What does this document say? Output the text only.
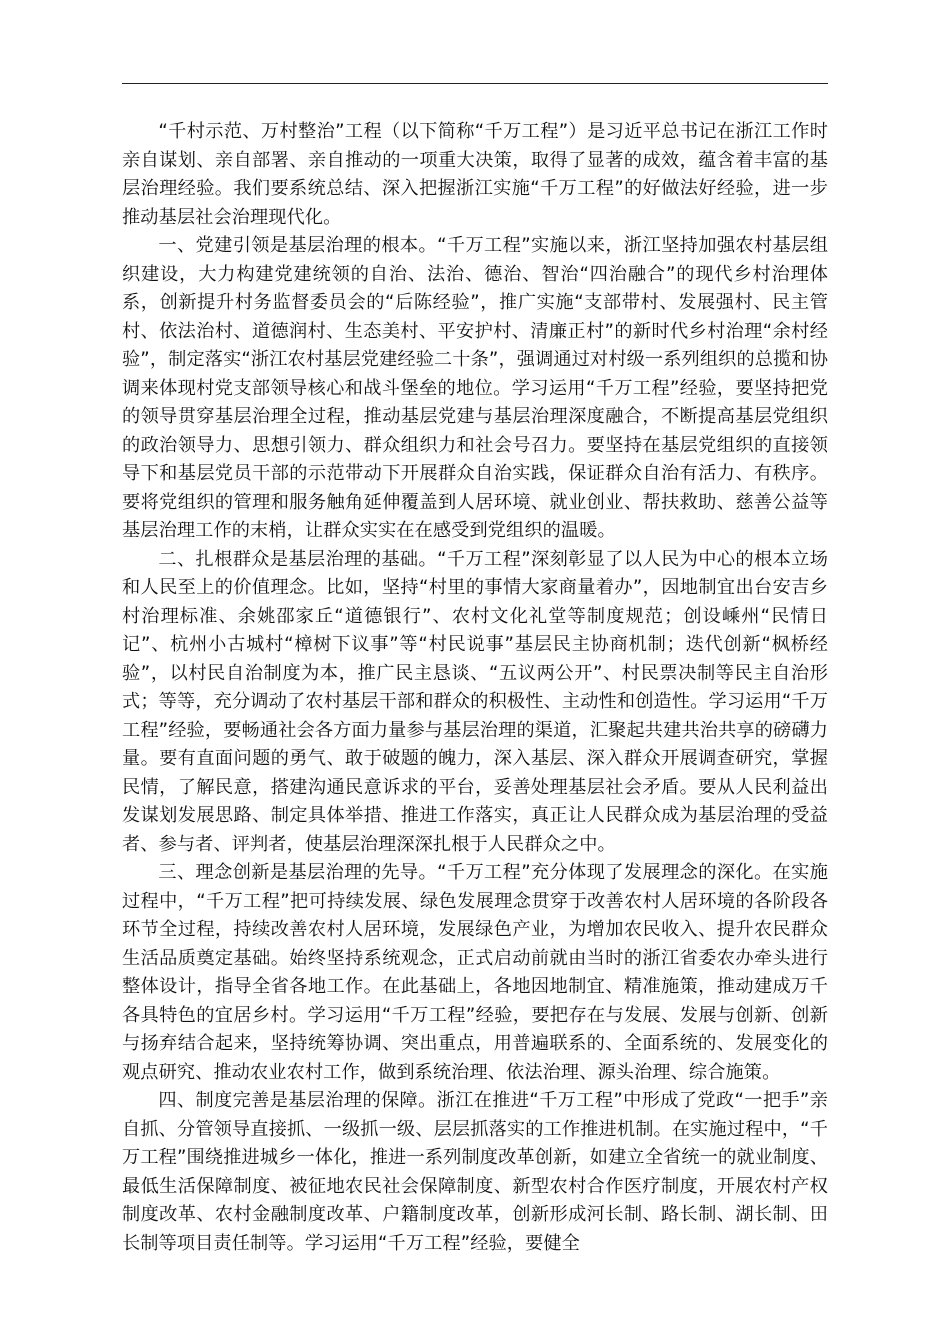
“千村示范、万村整治”工程（以下简称“千万工程”）是习近平总书记在浙江工作时亲自谋划、亲自部署、亲自推动的一项重大决策，取得了显著的成效，蕴含着丰富的基层治理经验。我们要系统总结、深入把握浙江实施“千万工程”的好做法好经验，进一步推动基层社会治理现代化。

一、党建引领是基层治理的根本。“千万工程”实施以来，浙江坚持加强农村基层组织建设，大力构建党建统领的自治、法治、德治、智治“四治融合”的现代乡村治理体系，创新提升村务监督委员会的“后陈经验”，推广实施“支部带村、发展强村、民主管村、依法治村、道德润村、生态美村、平安护村、清廉正村”的新时代乡村治理“余村经验”，制定落实“浙江农村基层党建经验二十条”，强调通过对村级一系列组织的总揽和协调来体现村党支部领导核心和战斗堡垒的地位。学习运用“千万工程”经验，要坚持把党的领导贯穿基层治理全过程，推动基层党建与基层治理深度融合，不断提高基层党组织的政治领导力、思想引领力、群众组织力和社会号召力。要坚持在基层党组织的直接领导下和基层党员干部的示范带动下开展群众自治实践，保证群众自治有活力、有秩序。要将党组织的管理和服务触角延伸覆盖到人居环境、就业创业、帮扶救助、慈善公益等基层治理工作的末梢，让群众实实在在感受到党组织的温暖。

二、扎根群众是基层治理的基础。“千万工程”深刻彰显了以人民为中心的根本立场和人民至上的价值理念。比如，坚持“村里的事情大家商量着办”，因地制宜出台安吉乡村治理标准、余姚邵家丘“道德银行”、农村文化礼堂等制度规范；创设嵊州“民情日记”、杭州小古城村“樟树下议事”等“村民说事”基层民主协商机制；迭代创新“枫桥经验”，以村民自治制度为本，推广民主恳谈、“五议两公开”、村民票决制等民主自治形式；等等，充分调动了农村基层干部和群众的积极性、主动性和创造性。学习运用“千万工程”经验，要畅通社会各方面力量参与基层治理的渠道，汇聚起共建共治共享的磅礴力量。要有直面问题的勇气、敢于破题的魄力，深入基层、深入群众开展调查研究，掌握民情，了解民意，搭建沟通民意诉求的平台，妥善处理基层社会矛盾。要从人民利益出发谋划发展思路、制定具体举措、推进工作落实，真正让人民群众成为基层治理的受益者、参与者、评判者，使基层治理深深扎根于人民群众之中。

三、理念创新是基层治理的先导。“千万工程”充分体现了发展理念的深化。在实施过程中，“千万工程”把可持续发展、绿色发展理念贯穿于改善农村人居环境的各阶段各环节全过程，持续改善农村人居环境，发展绿色产业，为增加农民收入、提升农民群众生活品质奠定基础。始终坚持系统观念，正式启动前就由当时的浙江省委农办牵头进行整体设计，指导全省各地工作。在此基础上，各地因地制宜、精准施策，推动建成万千各具特色的宜居乡村。学习运用“千万工程”经验，要把存在与发展、发展与创新、创新与扬弃结合起来，坚持统筹协调、突出重点，用普遍联系的、全面系统的、发展变化的观点研究、推动农业农村工作，做到系统治理、依法治理、源头治理、综合施策。

四、制度完善是基层治理的保障。浙江在推进“千万工程”中形成了党政“一把手”亲自抓、分管领导直接抓、一级抓一级、层层抓落实的工作推进机制。在实施过程中，“千万工程”围绕推进城乡一体化，推进一系列制度改革创新，如建立全省统一的就业制度、最低生活保障制度、被征地农民社会保障制度、新型农村合作医疗制度，开展农村产权制度改革、农村金融制度改革、户籍制度改革，创新形成河长制、路长制、湖长制、田长制等项目责任制等。学习运用“千万工程”经验，要健全
